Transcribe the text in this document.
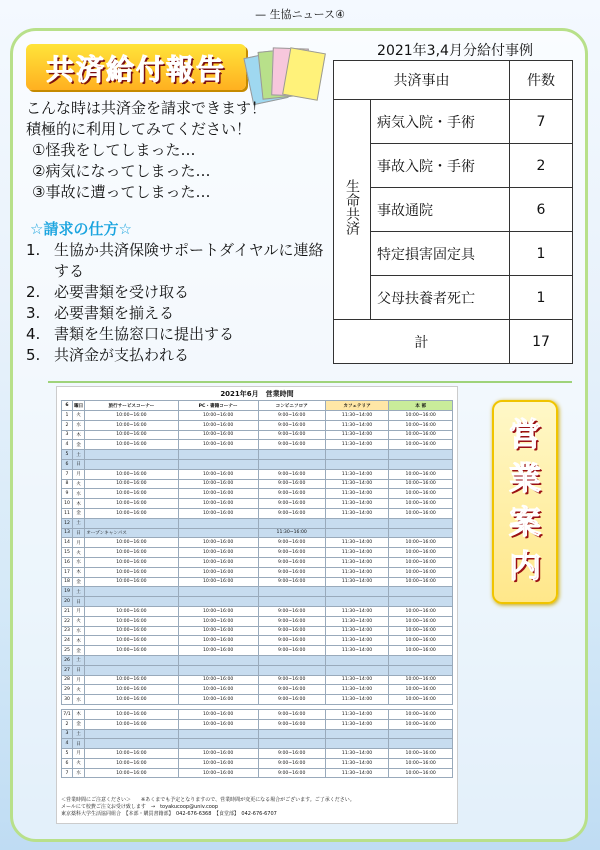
— 生協ニュース④
共済給付報告
こんな時は共済金を請求できます！
積極的に利用してみてください！
①怪我をしてしまった…
②病気になってしまった…
③事故に遭ってしまった…
☆請求の仕方☆
1. 生協か共済保険サポートダイヤルに連絡する
2. 必要書類を受け取る
3. 必要書類を揃える
4. 書類を生協窓口に提出する
5. 共済金が支払われる
2021年3,4月分給付事例
共済事由		件数
生命共済	病気入院・手術	7
	事故入院・手術	2
	事故通院	6
	特定損害固定具	1
	父母扶養者死亡	1
計		17
2021年6月　営業時間
6	曜日	旅行サービスコーナー	PC・書籍コーナー	コンビニフロア	カフェテリア	本 部
1	火	10:00~16:00	10:00~16:00	9:00~16:00	11:30~14:00	10:00~16:00
2	水	10:00~16:00	10:00~16:00	9:00~16:00	11:30~14:00	10:00~16:00
3	木	10:00~16:00	10:00~16:00	9:00~16:00	11:30~14:00	10:00~16:00
4	金	10:00~16:00	10:00~16:00	9:00~16:00	11:30~14:00	10:00~16:00
5	土					
6	日					
7	月	10:00~16:00	10:00~16:00	9:00~16:00	11:30~14:00	10:00~16:00
8	火	10:00~16:00	10:00~16:00	9:00~16:00	11:30~14:00	10:00~16:00
9	水	10:00~16:00	10:00~16:00	9:00~16:00	11:30~14:00	10:00~16:00
10	木	10:00~16:00	10:00~16:00	9:00~16:00	11:30~14:00	10:00~16:00
11	金	10:00~16:00	10:00~16:00	9:00~16:00	11:30~14:00	10:00~16:00
12	土					
13	日	オープンキャンパス		11:30~16:00		
14	月	10:00~16:00	10:00~16:00	9:00~16:00	11:30~14:00	10:00~16:00
15	火	10:00~16:00	10:00~16:00	9:00~16:00	11:30~14:00	10:00~16:00
16	水	10:00~16:00	10:00~16:00	9:00~16:00	11:30~14:00	10:00~16:00
17	木	10:00~16:00	10:00~16:00	9:00~16:00	11:30~14:00	10:00~16:00
18	金	10:00~16:00	10:00~16:00	9:00~16:00	11:30~14:00	10:00~16:00
19	土					
20	日					
21	月	10:00~16:00	10:00~16:00	9:00~16:00	11:30~14:00	10:00~16:00
22	火	10:00~16:00	10:00~16:00	9:00~16:00	11:30~14:00	10:00~16:00
23	水	10:00~16:00	10:00~16:00	9:00~16:00	11:30~14:00	10:00~16:00
24	木	10:00~16:00	10:00~16:00	9:00~16:00	11:30~14:00	10:00~16:00
25	金	10:00~16:00	10:00~16:00	9:00~16:00	11:30~14:00	10:00~16:00
26	土					
27	日					
28	月	10:00~16:00	10:00~16:00	9:00~16:00	11:30~14:00	10:00~16:00
29	火	10:00~16:00	10:00~16:00	9:00~16:00	11:30~14:00	10:00~16:00
30	水	10:00~16:00	10:00~16:00	9:00~16:00	11:30~14:00	10:00~16:00

7/1	木	10:00~16:00	10:00~16:00	9:00~16:00	11:30~14:00	10:00~16:00
2	金	10:00~16:00	10:00~16:00	9:00~16:00	11:30~14:00	10:00~16:00
3	土					
4	日					
5	月	10:00~16:00	10:00~16:00	9:00~16:00	11:30~14:00	10:00~16:00
6	火	10:00~16:00	10:00~16:00	9:00~16:00	11:30~14:00	10:00~16:00
7	水	10:00~16:00	10:00~16:00	9:00~16:00	11:30~14:00	10:00~16:00
＜営業時間にご注意ください＞　　※あくまでも予定となりますので、営業時間が変更になる場合がございます。ご了承ください。
メールにて校費ご注文お受け致します　→　toyakucoop@univ.coop
東京薬科大学生活協同組合　【本部・購買書籍部】　042-676-6368　【食堂部】　042-676-6707
営
業
案
内
